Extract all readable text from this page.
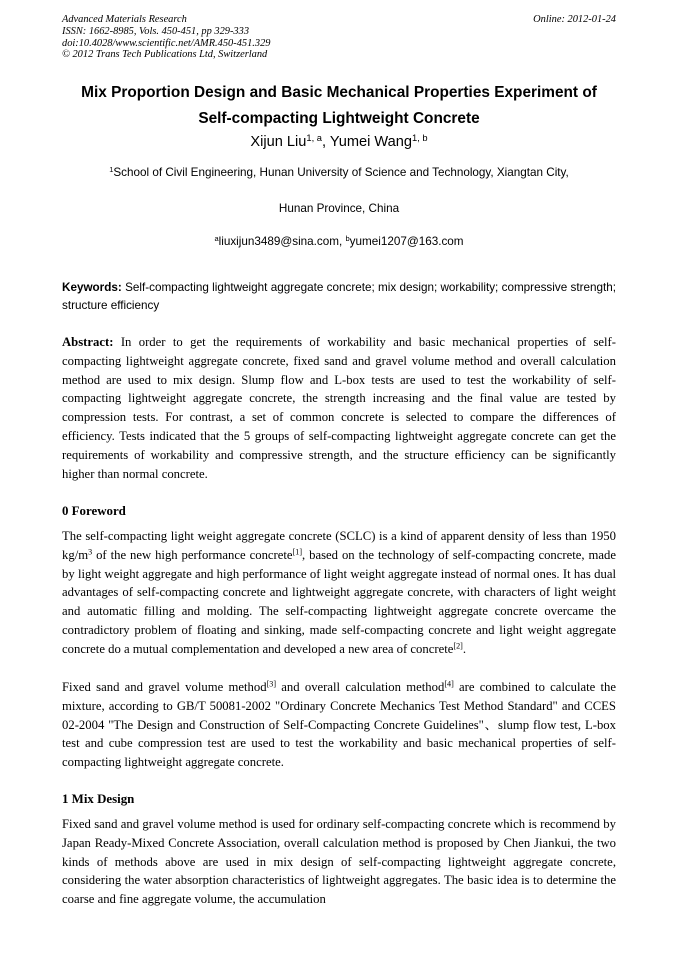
Advanced Materials Research
ISSN: 1662-8985, Vols. 450-451, pp 329-333
doi:10.4028/www.scientific.net/AMR.450-451.329
© 2012 Trans Tech Publications Ltd, Switzerland
Online: 2012-01-24
Mix Proportion Design and Basic Mechanical Properties Experiment of
Self-compacting Lightweight Concrete
Xijun Liu$^{1, a}$, Yumei Wang$^{1, b}$
$^1$School of Civil Engineering, Hunan University of Science and Technology, Xiangtan City,
Hunan Province, China
$^a$liuxijun3489@sina.com, $^b$yumei1207@163.com
Keywords: Self-compacting lightweight aggregate concrete; mix design; workability; compressive strength; structure efficiency
Abstract: In order to get the requirements of workability and basic mechanical properties of self-compacting lightweight aggregate concrete, fixed sand and gravel volume method and overall calculation method are used to mix design. Slump flow and L-box tests are used to test the workability of self-compacting lightweight aggregate concrete, the strength increasing and the final value are tested by compression tests. For contrast, a set of common concrete is selected to compare the differences of efficiency. Tests indicated that the 5 groups of self-compacting lightweight aggregate concrete can get the requirements of workability and compressive strength, and the structure efficiency can be significantly higher than normal concrete.
0 Foreword
The self-compacting light weight aggregate concrete (SCLC) is a kind of apparent density of less than 1950 $kg/m^3$ of the new high performance concrete[1], based on the technology of self-compacting concrete, made by light weight aggregate and high performance of light weight aggregate instead of normal ones. It has dual advantages of self-compacting concrete and lightweight aggregate concrete, with characters of light weight and automatic filling and molding. The self-compacting lightweight aggregate concrete overcame the contradictory problem of floating and sinking, made self-compacting concrete and light weight aggregate concrete do a mutual complementation and developed a new area of concrete[2].
Fixed sand and gravel volume method[3] and overall calculation method[4] are combined to calculate the mixture, according to GB/T 50081-2002 "Ordinary Concrete Mechanics Test Method Standard" and CCES 02-2004 "The Design and Construction of Self-Compacting Concrete Guidelines"、slump flow test, L-box test and cube compression test are used to test the workability and basic mechanical properties of self-compacting lightweight aggregate concrete.
1 Mix Design
Fixed sand and gravel volume method is used for ordinary self-compacting concrete which is recommend by Japan Ready-Mixed Concrete Association, overall calculation method is proposed by Chen Jiankui, the two kinds of methods above are used in mix design of self-compacting lightweight aggregate concrete, considering the water absorption characteristics of lightweight aggregates. The basic idea is to determine the coarse and fine aggregate volume, the accumulation
